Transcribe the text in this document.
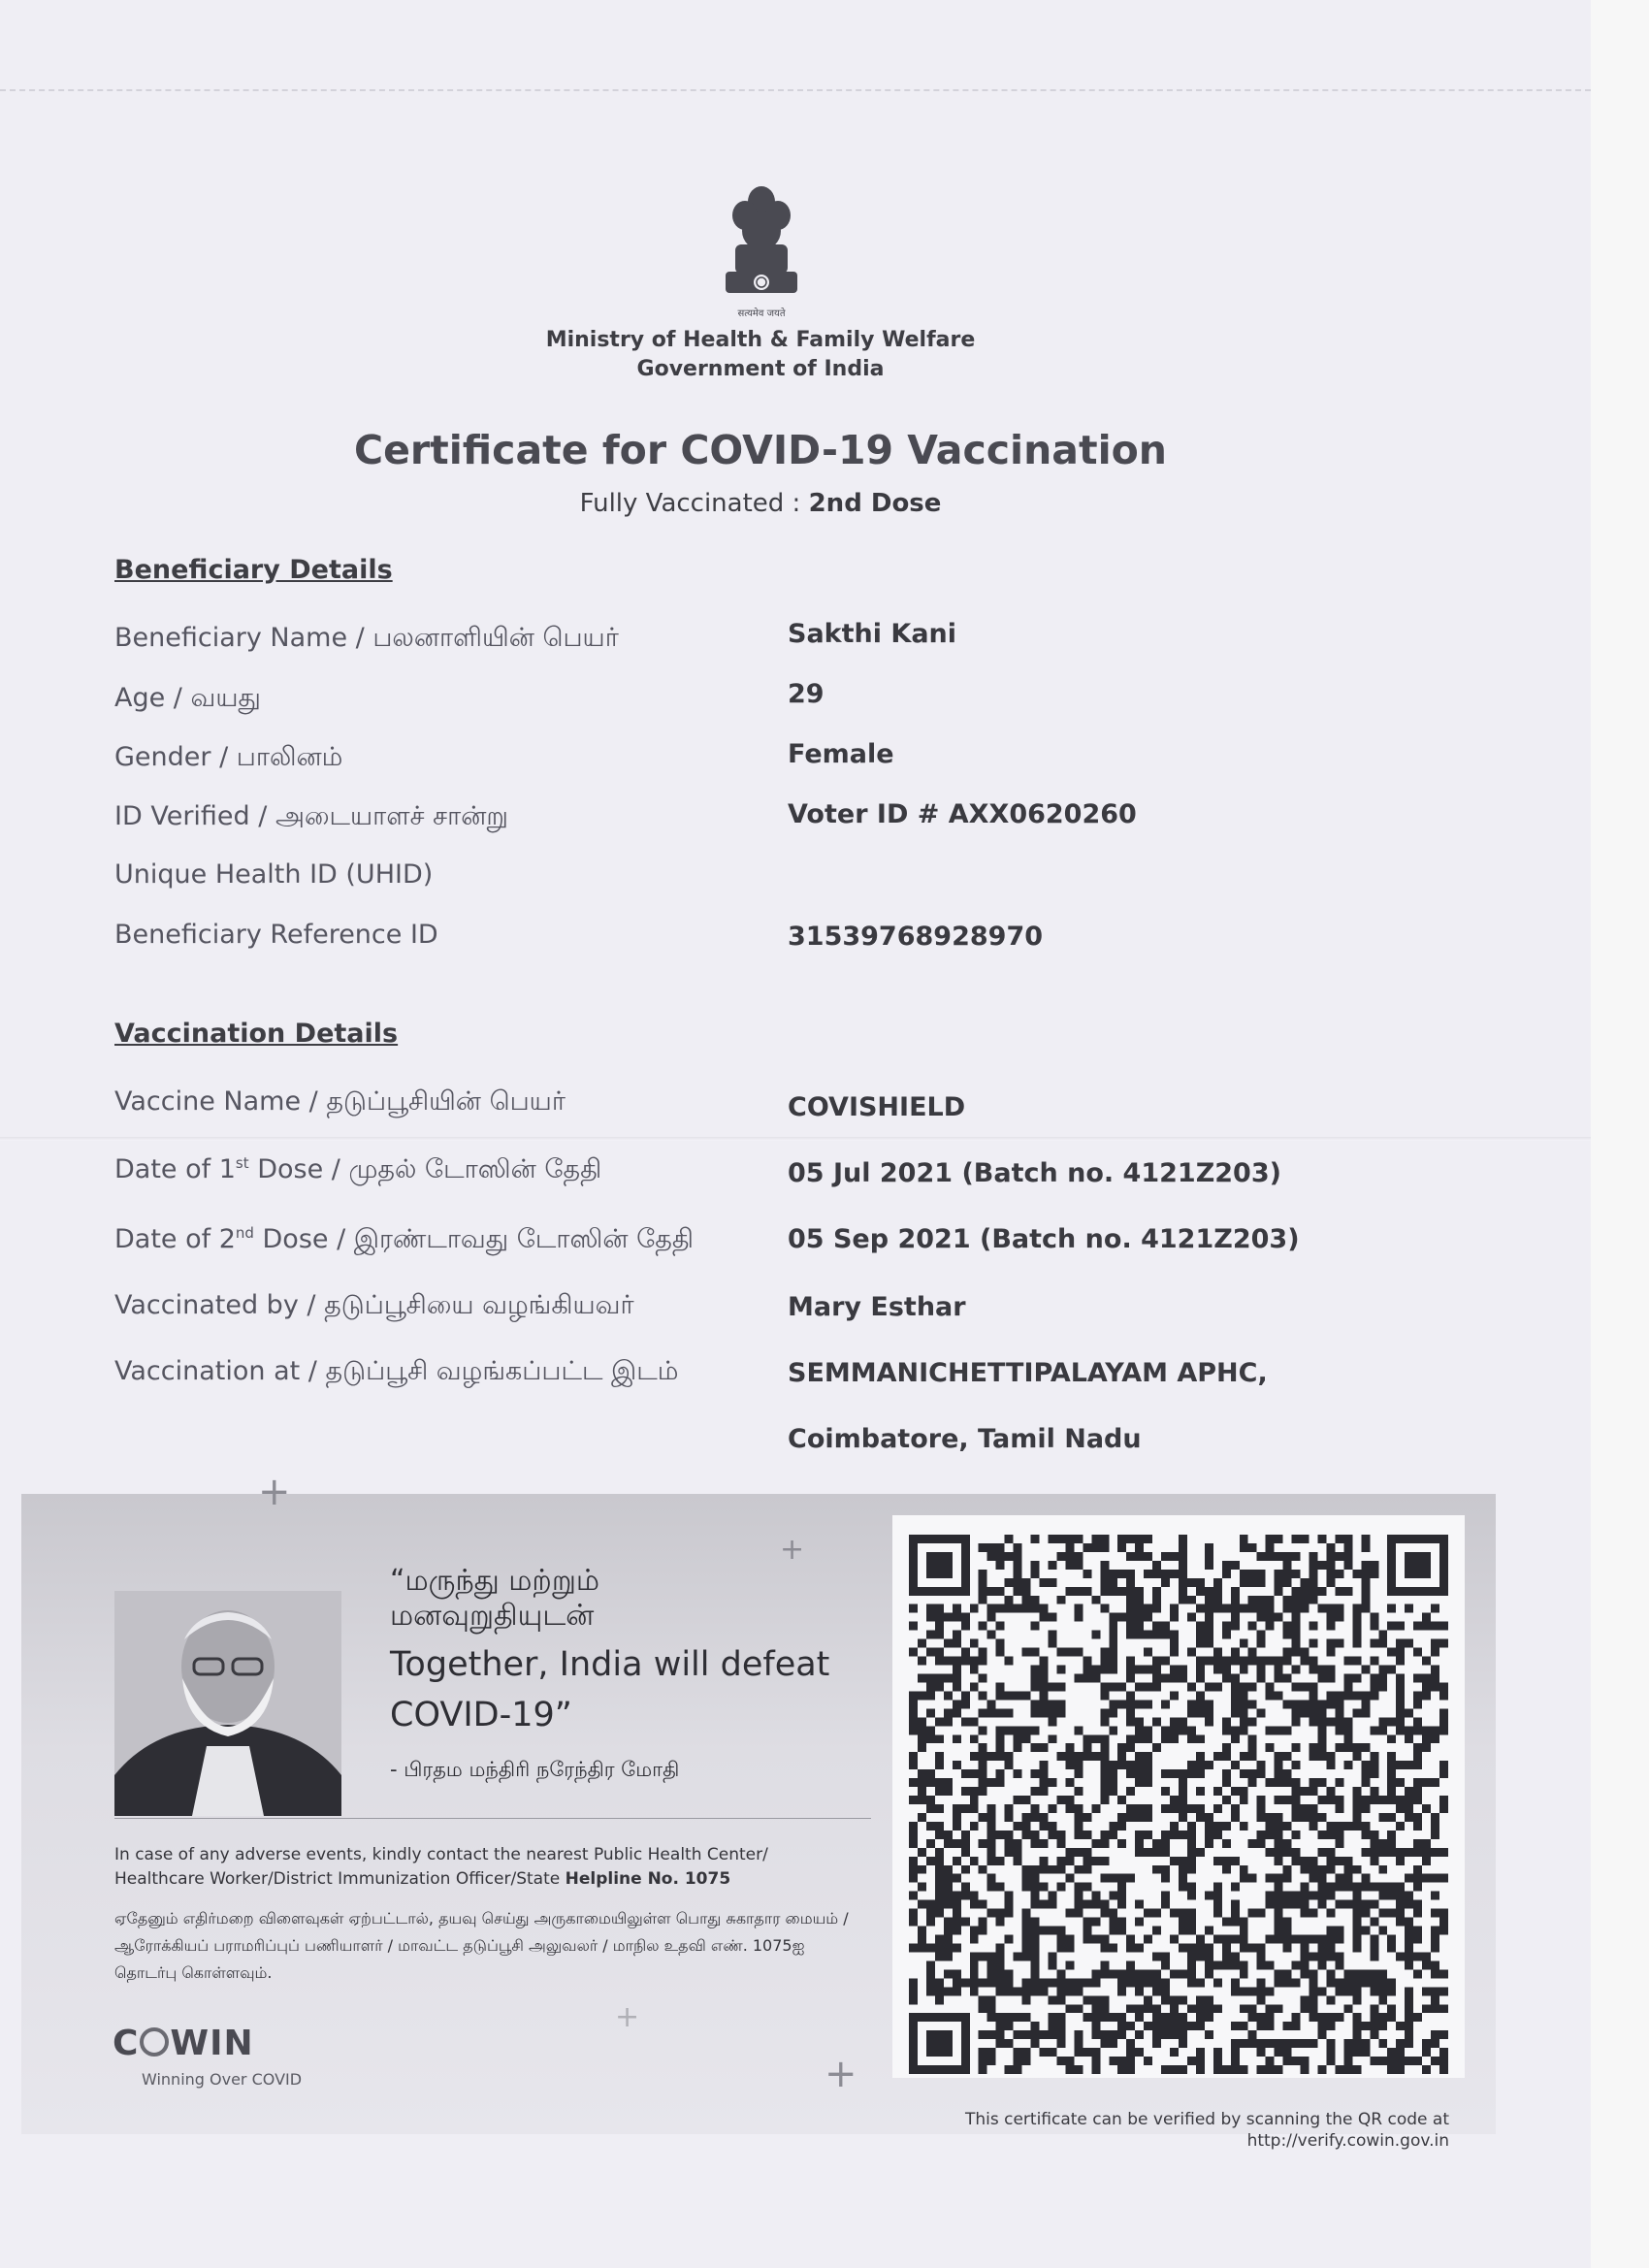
सत्यमेव जयते
Ministry of Health & Family Welfare
Government of India
Certificate for COVID-19 Vaccination
Fully Vaccinated : 2nd Dose
Beneficiary Details
Beneficiary Name / பலனாளியின் பெயர்	Sakthi Kani
Age / வயது	29
Gender / பாலினம்	Female
ID Verified / அடையாளச் சான்று	Voter ID # AXX0620260
Unique Health ID (UHID)
Beneficiary Reference ID	31539768928970
Vaccination Details
Vaccine Name / தடுப்பூசியின் பெயர்	COVISHIELD
Date of 1st Dose / முதல் டோஸின் தேதி	05 Jul 2021 (Batch no. 4121Z203)
Date of 2nd Dose / இரண்டாவது டோஸின் தேதி	05 Sep 2021 (Batch no. 4121Z203)
Vaccinated by / தடுப்பூசியை வழங்கியவர்	Mary Esthar
Vaccination at / தடுப்பூசி வழங்கப்பட்ட இடம்	SEMMANICHETTIPALAYAM APHC,
Coimbatore, Tamil Nadu
+
+
+
+
“மருந்து மற்றும்
மனவுறுதியுடன்
Together, India will defeat COVID-19”
- பிரதம மந்திரி நரேந்திர மோதி
In case of any adverse events, kindly contact the nearest Public Health Center/ Healthcare Worker/District Immunization Officer/State Helpline No. 1075
ஏதேனும் எதிர்மறை விளைவுகள் ஏற்பட்டால், தயவு செய்து அருகாமையிலுள்ள பொது சுகாதார மையம் / ஆரோக்கியப் பராமரிப்புப் பணியாளர் / மாவட்ட தடுப்பூசி அலுவலர் / மாநில உதவி எண். 1075ஐ தொடர்பு கொள்ளவும்.
C WIN
Winning Over COVID
This certificate can be verified by scanning the QR code at
http://verify.cowin.gov.in
